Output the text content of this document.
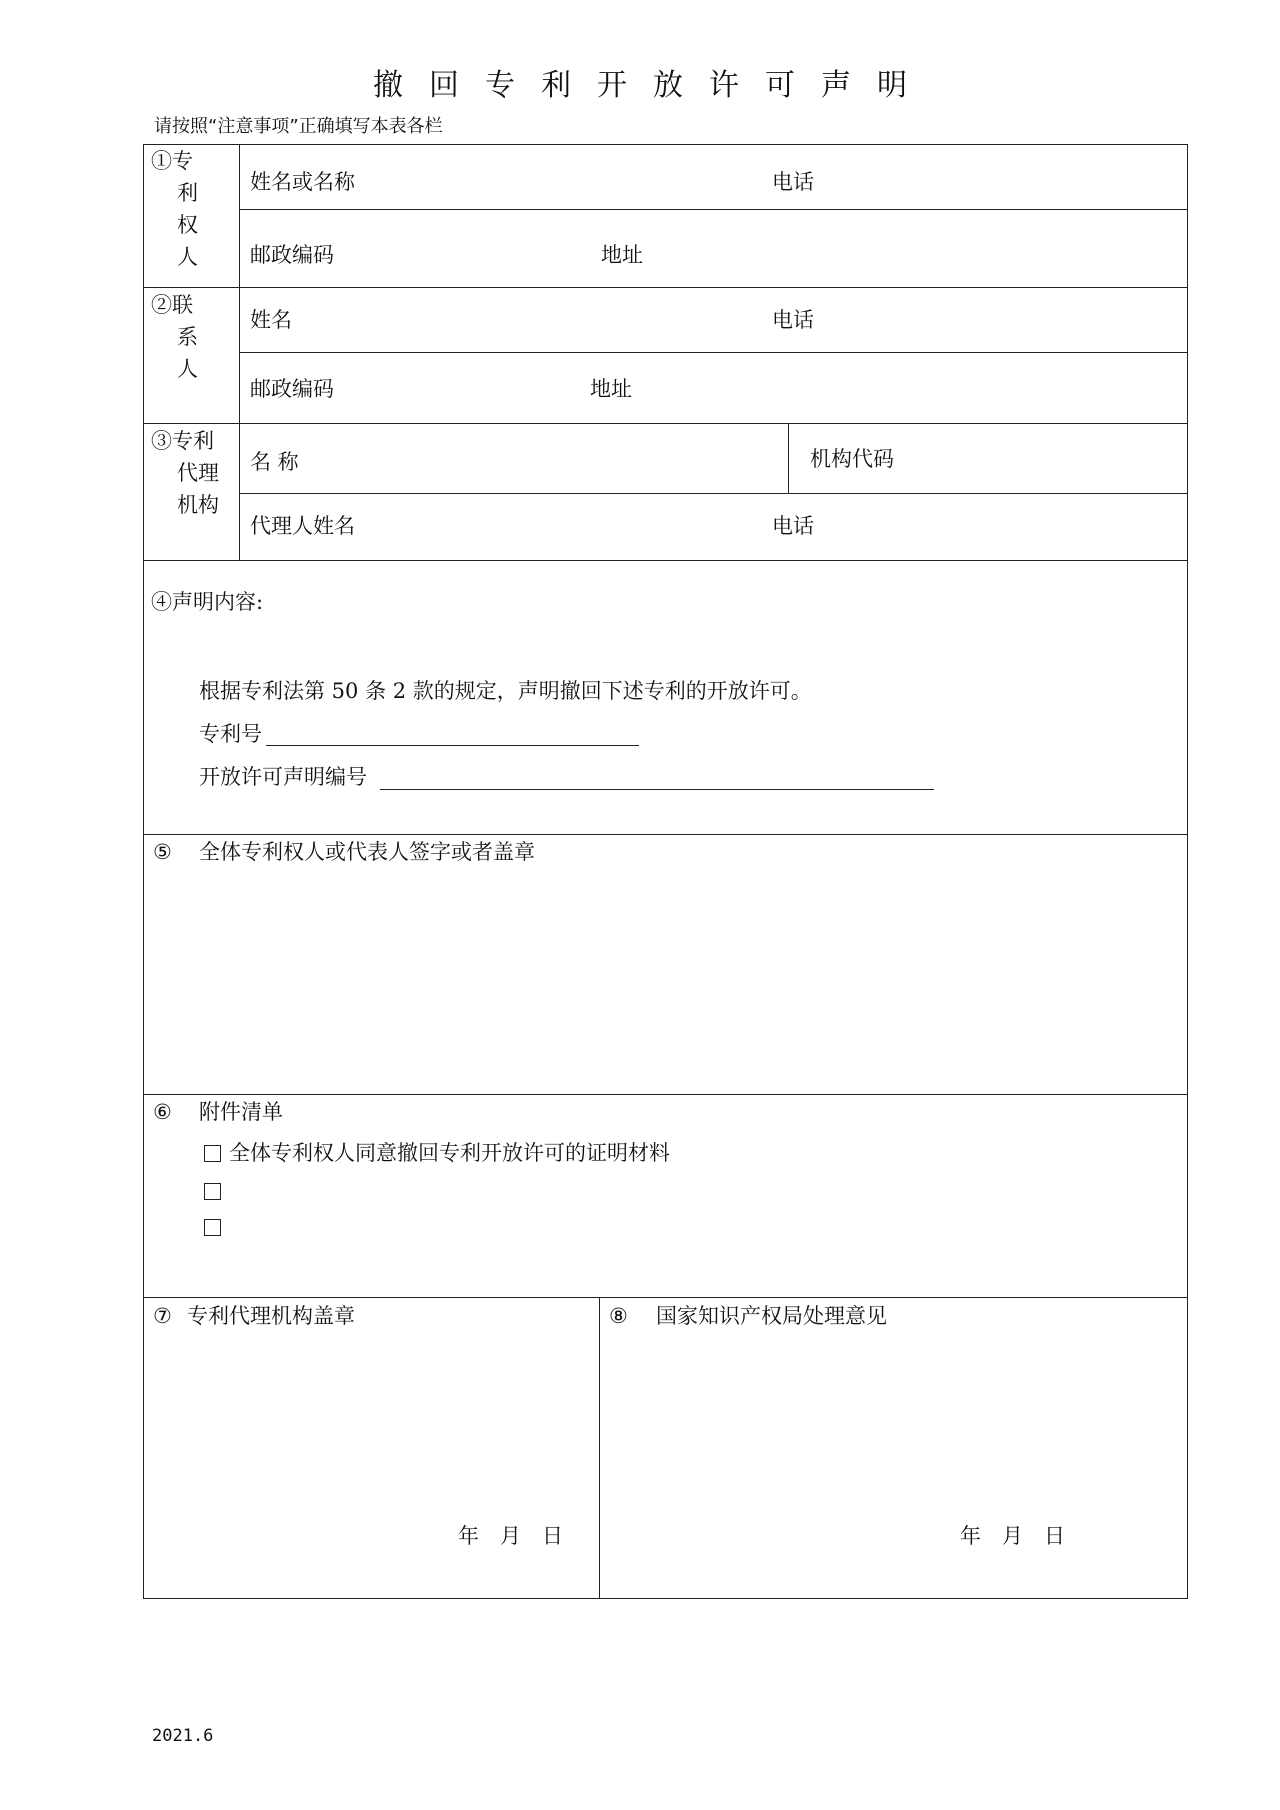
撤回专利开放许可声明
请按照“注意事项”正确填写本表各栏
①专
利
权
人
姓名或名称	电话
邮政编码	地址
②联
系
人
姓名	电话
邮政编码	地址
③专利
代理
机构
名 称	机构代码
代理人姓名	电话
④声明内容:
根据专利法第 50 条 2 款的规定，声明撤回下述专利的开放许可。
专利号
开放许可声明编号
⑤ 全体专利权人或代表人签字或者盖章
⑥ 附件清单
全体专利权人同意撤回专利开放许可的证明材料
⑦ 专利代理机构盖章
年　月　日
⑧ 国家知识产权局处理意见
年　月　日
2021.6
